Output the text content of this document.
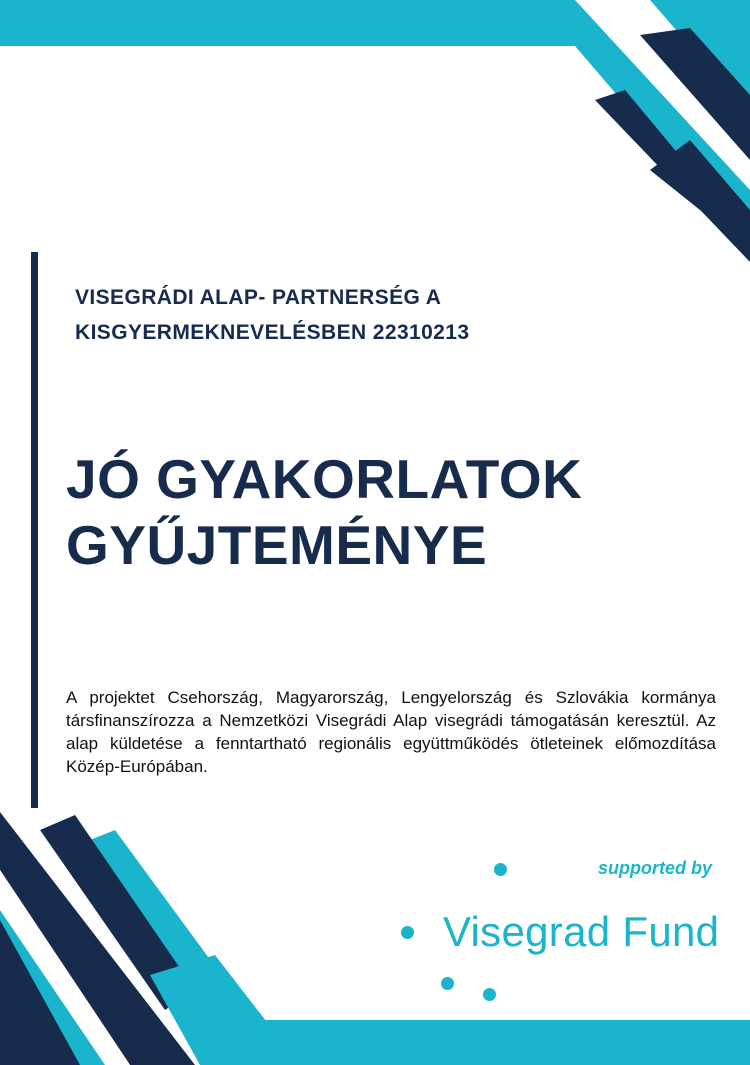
VISEGRÁDI ALAP- PARTNERSÉG A
KISGYERMEKNEVELÉSBEN 22310213
JÓ GYAKORLATOK
GYŰJTEMÉNYE

A projektet Csehország, Magyarország, Lengyelország és Szlovákia kormánya társfinanszírozza a Nemzetközi Visegrádi Alap visegrádi támogatásán keresztül. Az alap küldetése a fenntartható regionális együttműködés ötleteinek előmozdítása Közép-Európában.

supported by
Visegrad Fund
